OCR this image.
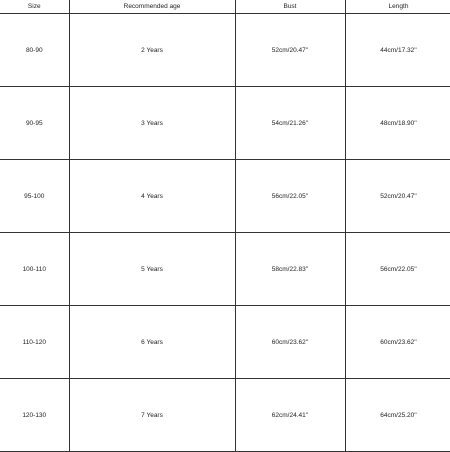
Size	Recommended age	Bust	Length
80-90	2 Years	52cm/20.47''	44cm/17.32''
90-95	3 Years	54cm/21.26''	48cm/18.90''
95-100	4 Years	56cm/22.05''	52cm/20.47''
100-110	5 Years	58cm/22.83''	56cm/22.05''
110-120	6 Years	60cm/23.62''	60cm/23.62''
120-130	7 Years	62cm/24.41''	64cm/25.20''
